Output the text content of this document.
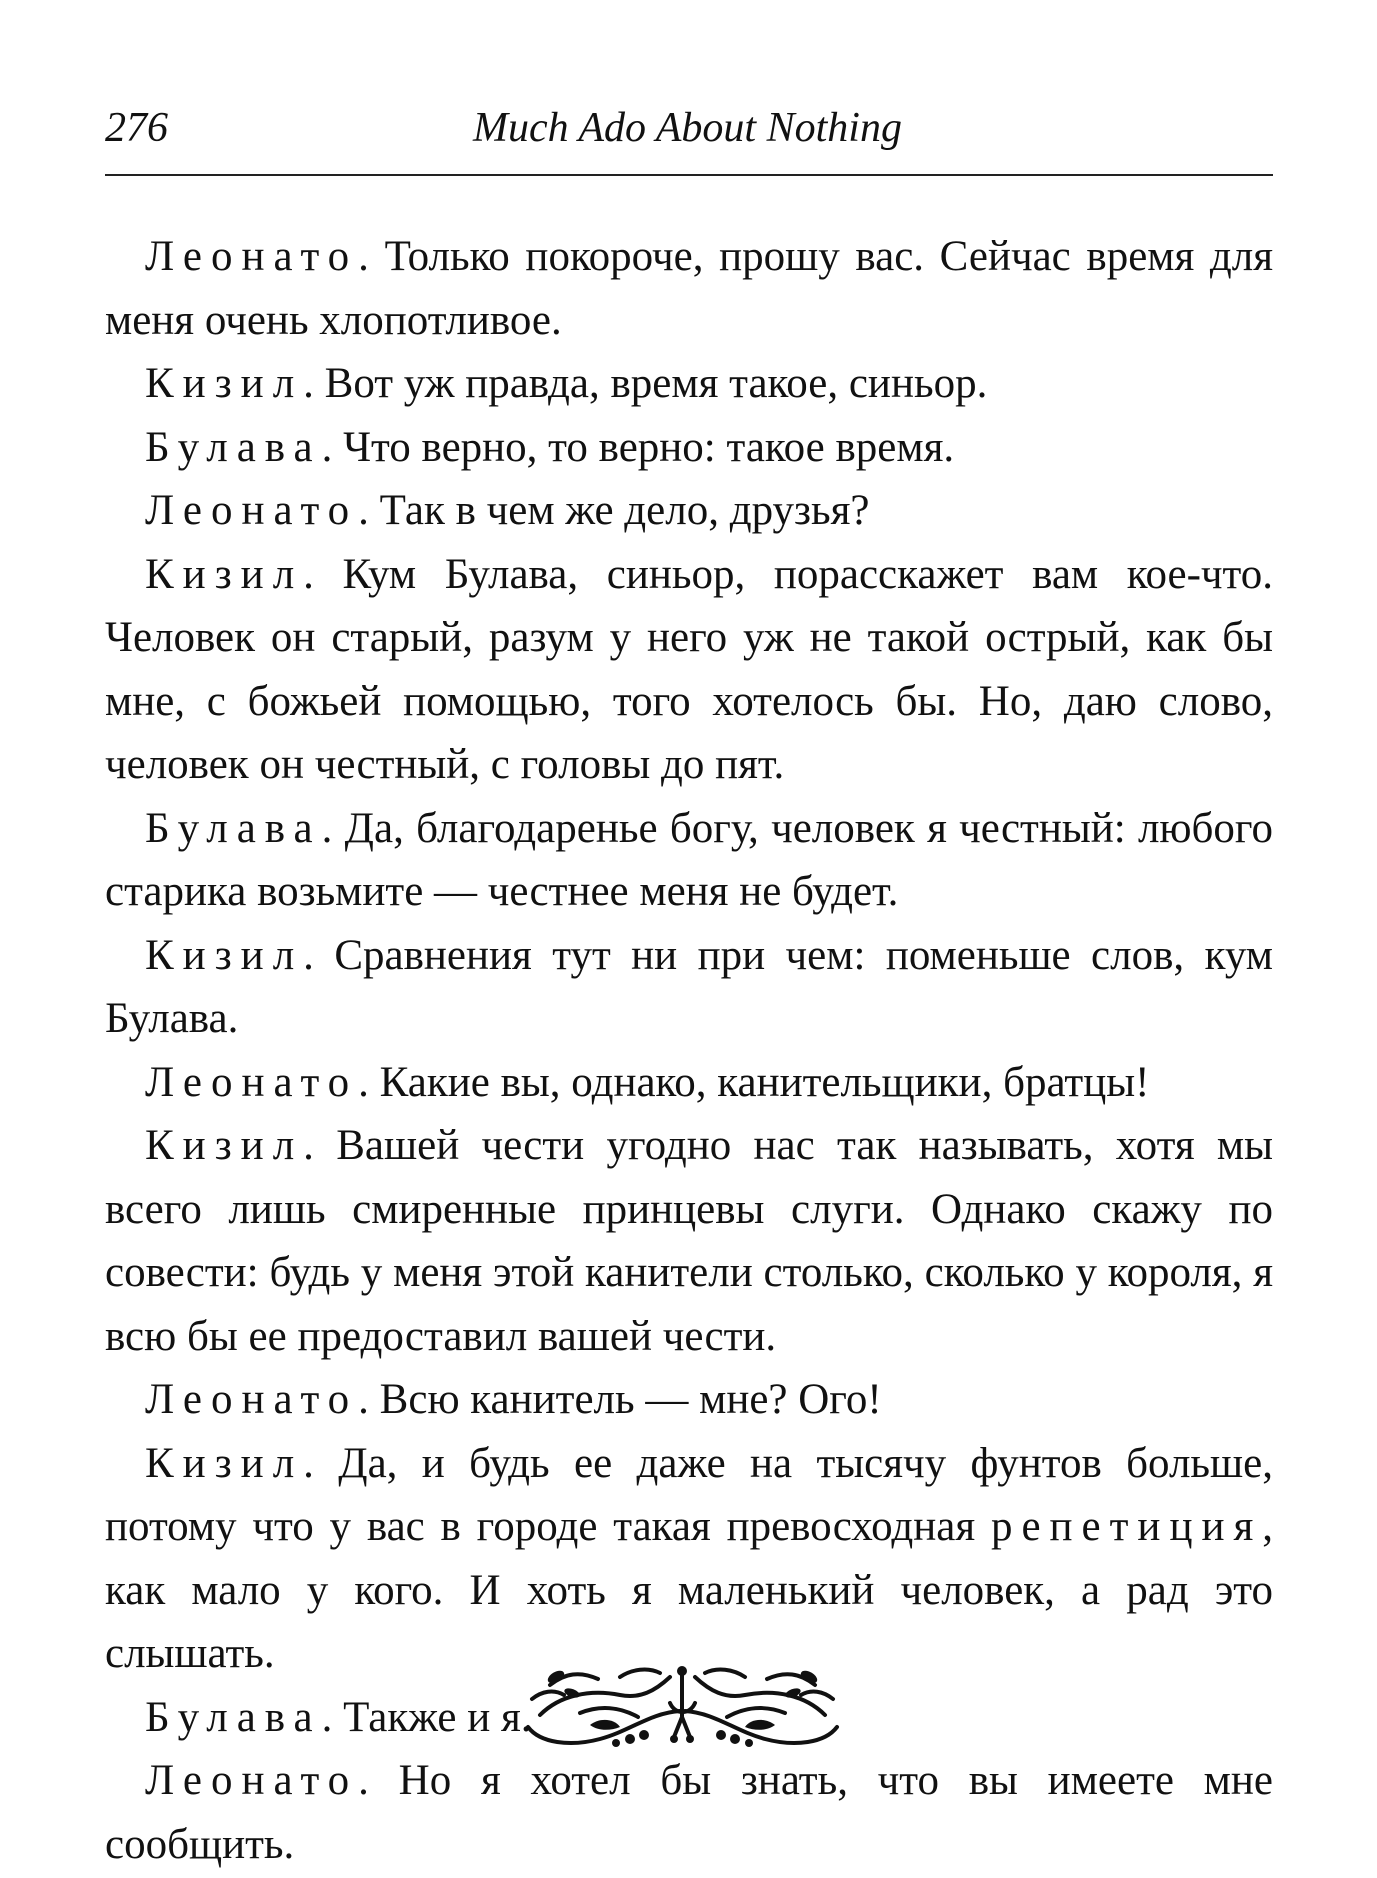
Much Ado About Nothing
276

Леонато. Только покороче, прошу вас. Сейчас время для меня очень хлопотливое.

Кизил. Вот уж правда, время такое, синьор.

Булава. Что верно, то верно: такое время.

Леонато. Так в чем же дело, друзья?

Кизил. Кум Булава, синьор, порасскажет вам кое-что. Человек он старый, разум у него уж не такой острый, как бы мне, с божьей помощью, того хотелось бы. Но, даю слово, человек он честный, с головы до пят.

Булава. Да, благодаренье богу, человек я честный: любого старика возьмите — честнее меня не будет.

Кизил. Сравнения тут ни при чем: поменьше слов, кум Булава.

Леонато. Какие вы, однако, канительщики, братцы!

Кизил. Вашей чести угодно нас так называть, хотя мы всего лишь смиренные принцевы слуги. Однако скажу по совести: будь у меня этой канители столько, сколько у короля, я всю бы ее предоставил вашей чести.

Леонато. Всю канитель — мне? Ого!

Кизил. Да, и будь ее даже на тысячу фунтов больше, потому что у вас в городе такая превосходная репетиция, как мало у кого. И хоть я маленький человек, а рад это слышать.

Булава. Также и я.

Леонато. Но я хотел бы знать, что вы имеете мне сообщить.
